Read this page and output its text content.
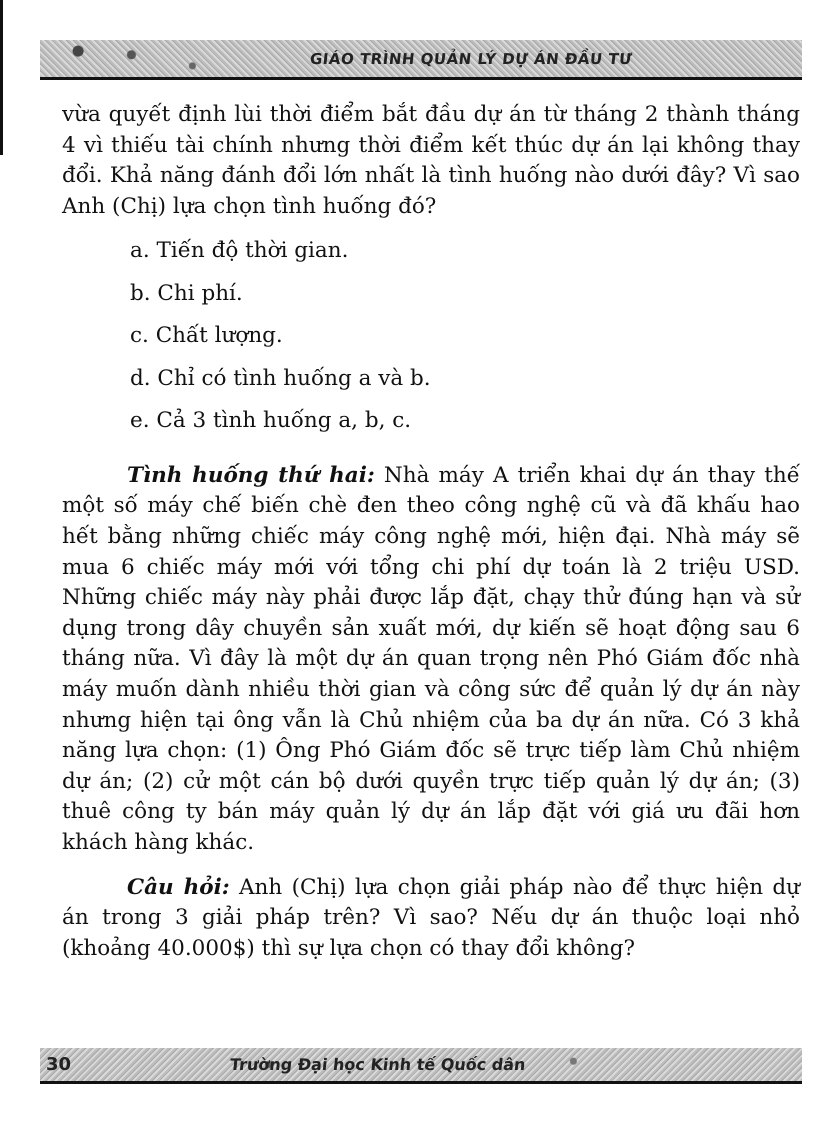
GIÁO TRÌNH QUẢN LÝ DỰ ÁN ĐẦU TƯ

vừa quyết định lùi thời điểm bắt đầu dự án từ tháng 2 thành tháng 4 vì thiếu tài chính nhưng thời điểm kết thúc dự án lại không thay đổi. Khả năng đánh đổi lớn nhất là tình huống nào dưới đây? Vì sao Anh (Chị) lựa chọn tình huống đó?

a. Tiến độ thời gian.

b. Chi phí.

c. Chất lượng.

d. Chỉ có tình huống a và b.

e. Cả 3 tình huống a, b, c.

Tình huống thứ hai: Nhà máy A triển khai dự án thay thế một số máy chế biến chè đen theo công nghệ cũ và đã khấu hao hết bằng những chiếc máy công nghệ mới, hiện đại. Nhà máy sẽ mua 6 chiếc máy mới với tổng chi phí dự toán là 2 triệu USD. Những chiếc máy này phải được lắp đặt, chạy thử đúng hạn và sử dụng trong dây chuyền sản xuất mới, dự kiến sẽ hoạt động sau 6 tháng nữa. Vì đây là một dự án quan trọng nên Phó Giám đốc nhà máy muốn dành nhiều thời gian và công sức để quản lý dự án này nhưng hiện tại ông vẫn là Chủ nhiệm của ba dự án nữa. Có 3 khả năng lựa chọn: (1) Ông Phó Giám đốc sẽ trực tiếp làm Chủ nhiệm dự án; (2) cử một cán bộ dưới quyền trực tiếp quản lý dự án; (3) thuê công ty bán máy quản lý dự án lắp đặt với giá ưu đãi hơn khách hàng khác.

Câu hỏi: Anh (Chị) lựa chọn giải pháp nào để thực hiện dự án trong 3 giải pháp trên? Vì sao? Nếu dự án thuộc loại nhỏ (khoảng 40.000$) thì sự lựa chọn có thay đổi không?

30	Trường Đại học Kinh tế Quốc dân
